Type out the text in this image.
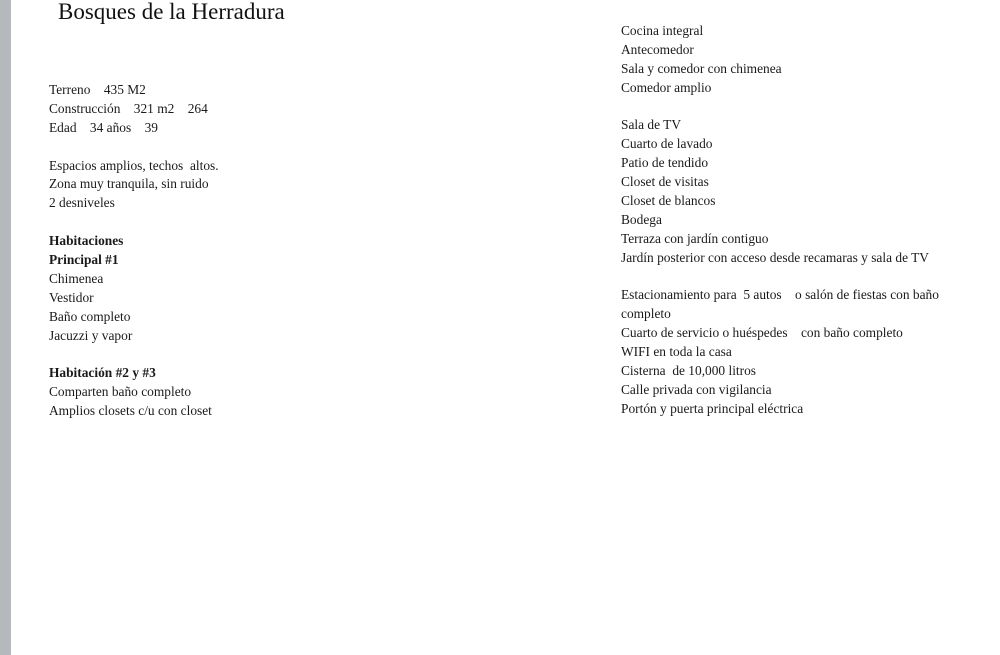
Bosques de la Herradura
Terreno    435 M2
Construcción    321 m2    264
Edad    34 años    39
Espacios amplios, techos  altos.
Zona muy tranquila, sin ruido
2 desniveles
Habitaciones
Principal #1
Chimenea
Vestidor
Baño completo
Jacuzzi y vapor
Habitación #2 y #3
Comparten baño completo
Amplios closets c/u con closet
Cocina integral
Antecomedor
Sala y comedor con chimenea
Comedor amplio
Sala de TV
Cuarto de lavado
Patio de tendido
Closet de visitas
Closet de blancos
Bodega
Terraza con jardín contiguo
Jardín posterior con acceso desde recamaras y sala de TV
Estacionamiento para  5 autos    o salón de fiestas con baño
completo
Cuarto de servicio o huéspedes    con baño completo
WIFI en toda la casa
Cisterna  de 10,000 litros
Calle privada con vigilancia
Portón y puerta principal eléctrica
